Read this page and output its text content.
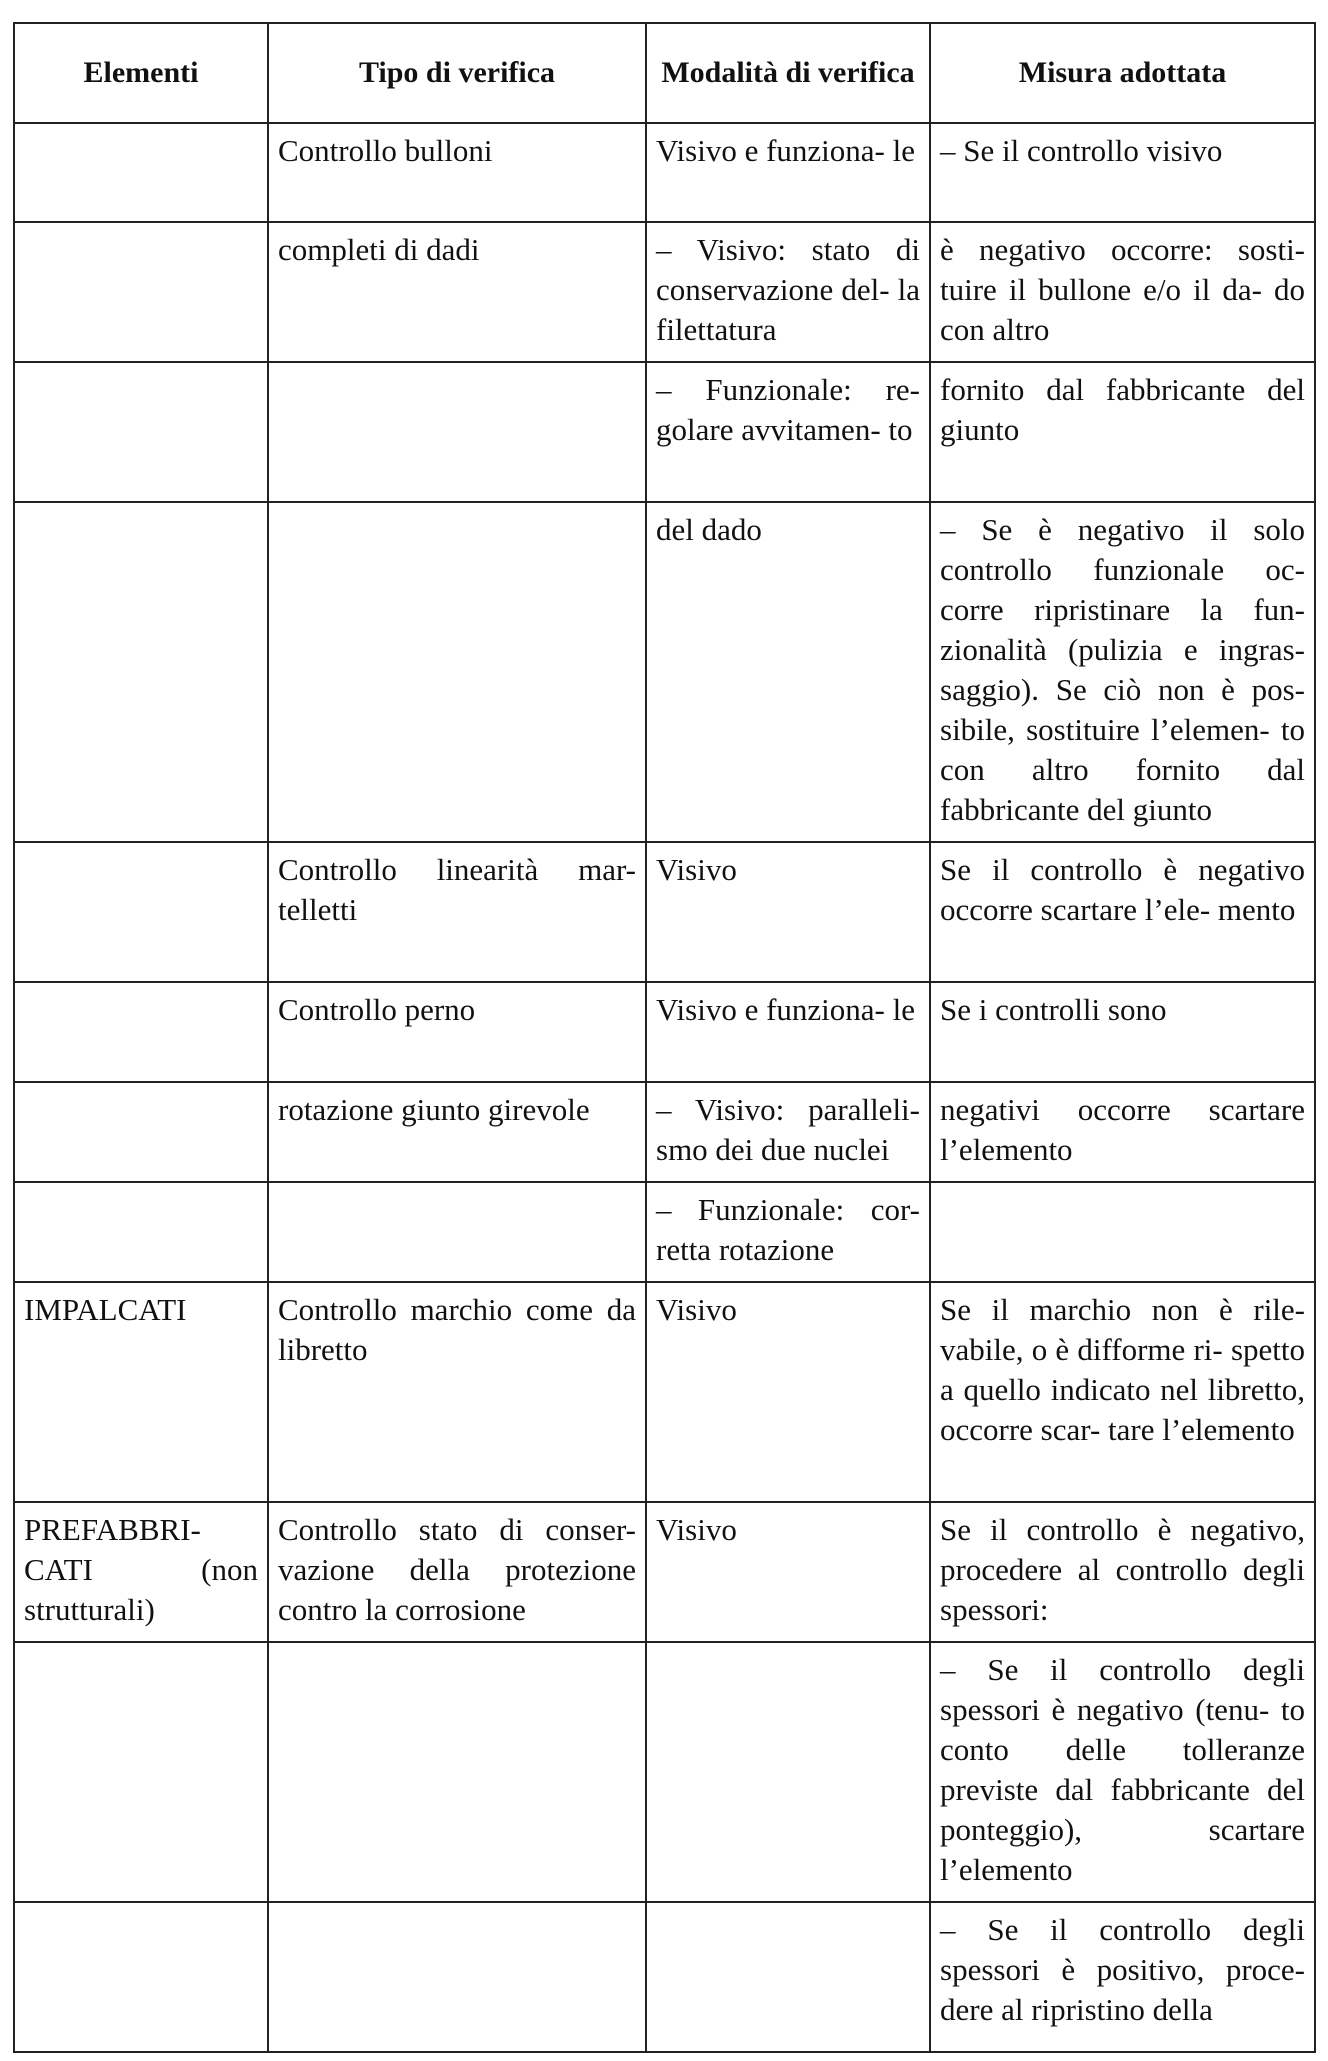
Elementi	Tipo di verifica	Modalità di verifica	Misura adottata
	Controllo bulloni	Visivo e funziona- le	– Se il controllo visivo
	completi di dadi	– Visivo: stato di conservazione del- la filettatura	è negativo occorre: sosti- tuire il bullone e/o il da- do con altro
		– Funzionale: re- golare avvitamen- to	fornito dal fabbricante del giunto
		del dado	– Se è negativo il solo controllo funzionale oc- corre ripristinare la fun- zionalità (pulizia e ingras- saggio). Se ciò non è pos- sibile, sostituire l’elemen- to con altro fornito dal fabbricante del giunto
	Controllo linearità mar- telletti	Visivo	Se il controllo è negativo occorre scartare l’ele- mento
	Controllo perno	Visivo e funziona- le	Se i controlli sono
	rotazione giunto girevole	– Visivo: paralleli- smo dei due nuclei	negativi occorre scartare l’elemento
		– Funzionale: cor- retta rotazione	
IMPALCATI	Controllo marchio come da libretto	Visivo	Se il marchio non è rile- vabile, o è difforme ri- spetto a quello indicato nel libretto, occorre scar- tare l’elemento
PREFABBRI- CATI (non strutturali)	Controllo stato di conser- vazione della protezione contro la corrosione	Visivo	Se il controllo è negativo, procedere al controllo degli spessori:
			– Se il controllo degli spessori è negativo (tenu- to conto delle tolleranze previste dal fabbricante del ponteggio), scartare l’elemento
			– Se il controllo degli spessori è positivo, proce- dere al ripristino della
